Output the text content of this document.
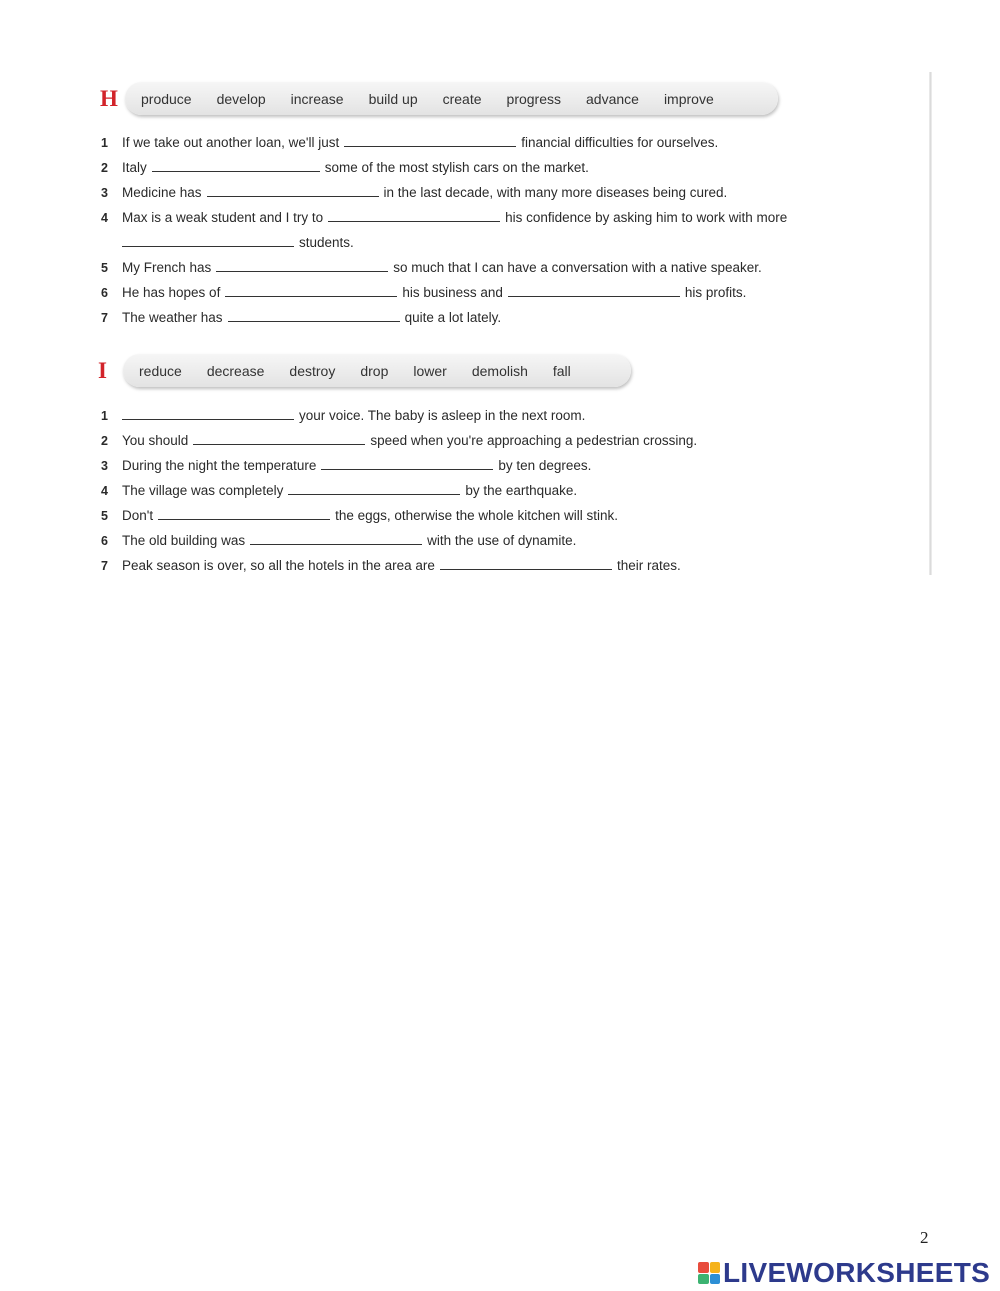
H produce develop increase build up create progress advance improve
1 If we take out another loan, we'll just	financial difficulties for ourselves.
2 Italy	some of the most stylish cars on the market.
3 Medicine has	in the last decade, with many more diseases being cured.
4 Max is a weak student and I try to	his confidence by asking him to work with more
students.
5 My French has	so much that I can have a conversation with a native speaker.
6 He has hopes of	his business and	his profits.
7 The weather has	quite a lot lately.
I reduce decrease destroy drop lower demolish fall
1	your voice. The baby is asleep in the next room.
2 You should	speed when you're approaching a pedestrian crossing.
3 During the night the temperature	by ten degrees.
4 The village was completely	by the earthquake.
5 Don't	the eggs, otherwise the whole kitchen will stink.
6 The old building was	with the use of dynamite.
7 Peak season is over, so all the hotels in the area are	their rates.
2
LIVEWORKSHEETS
